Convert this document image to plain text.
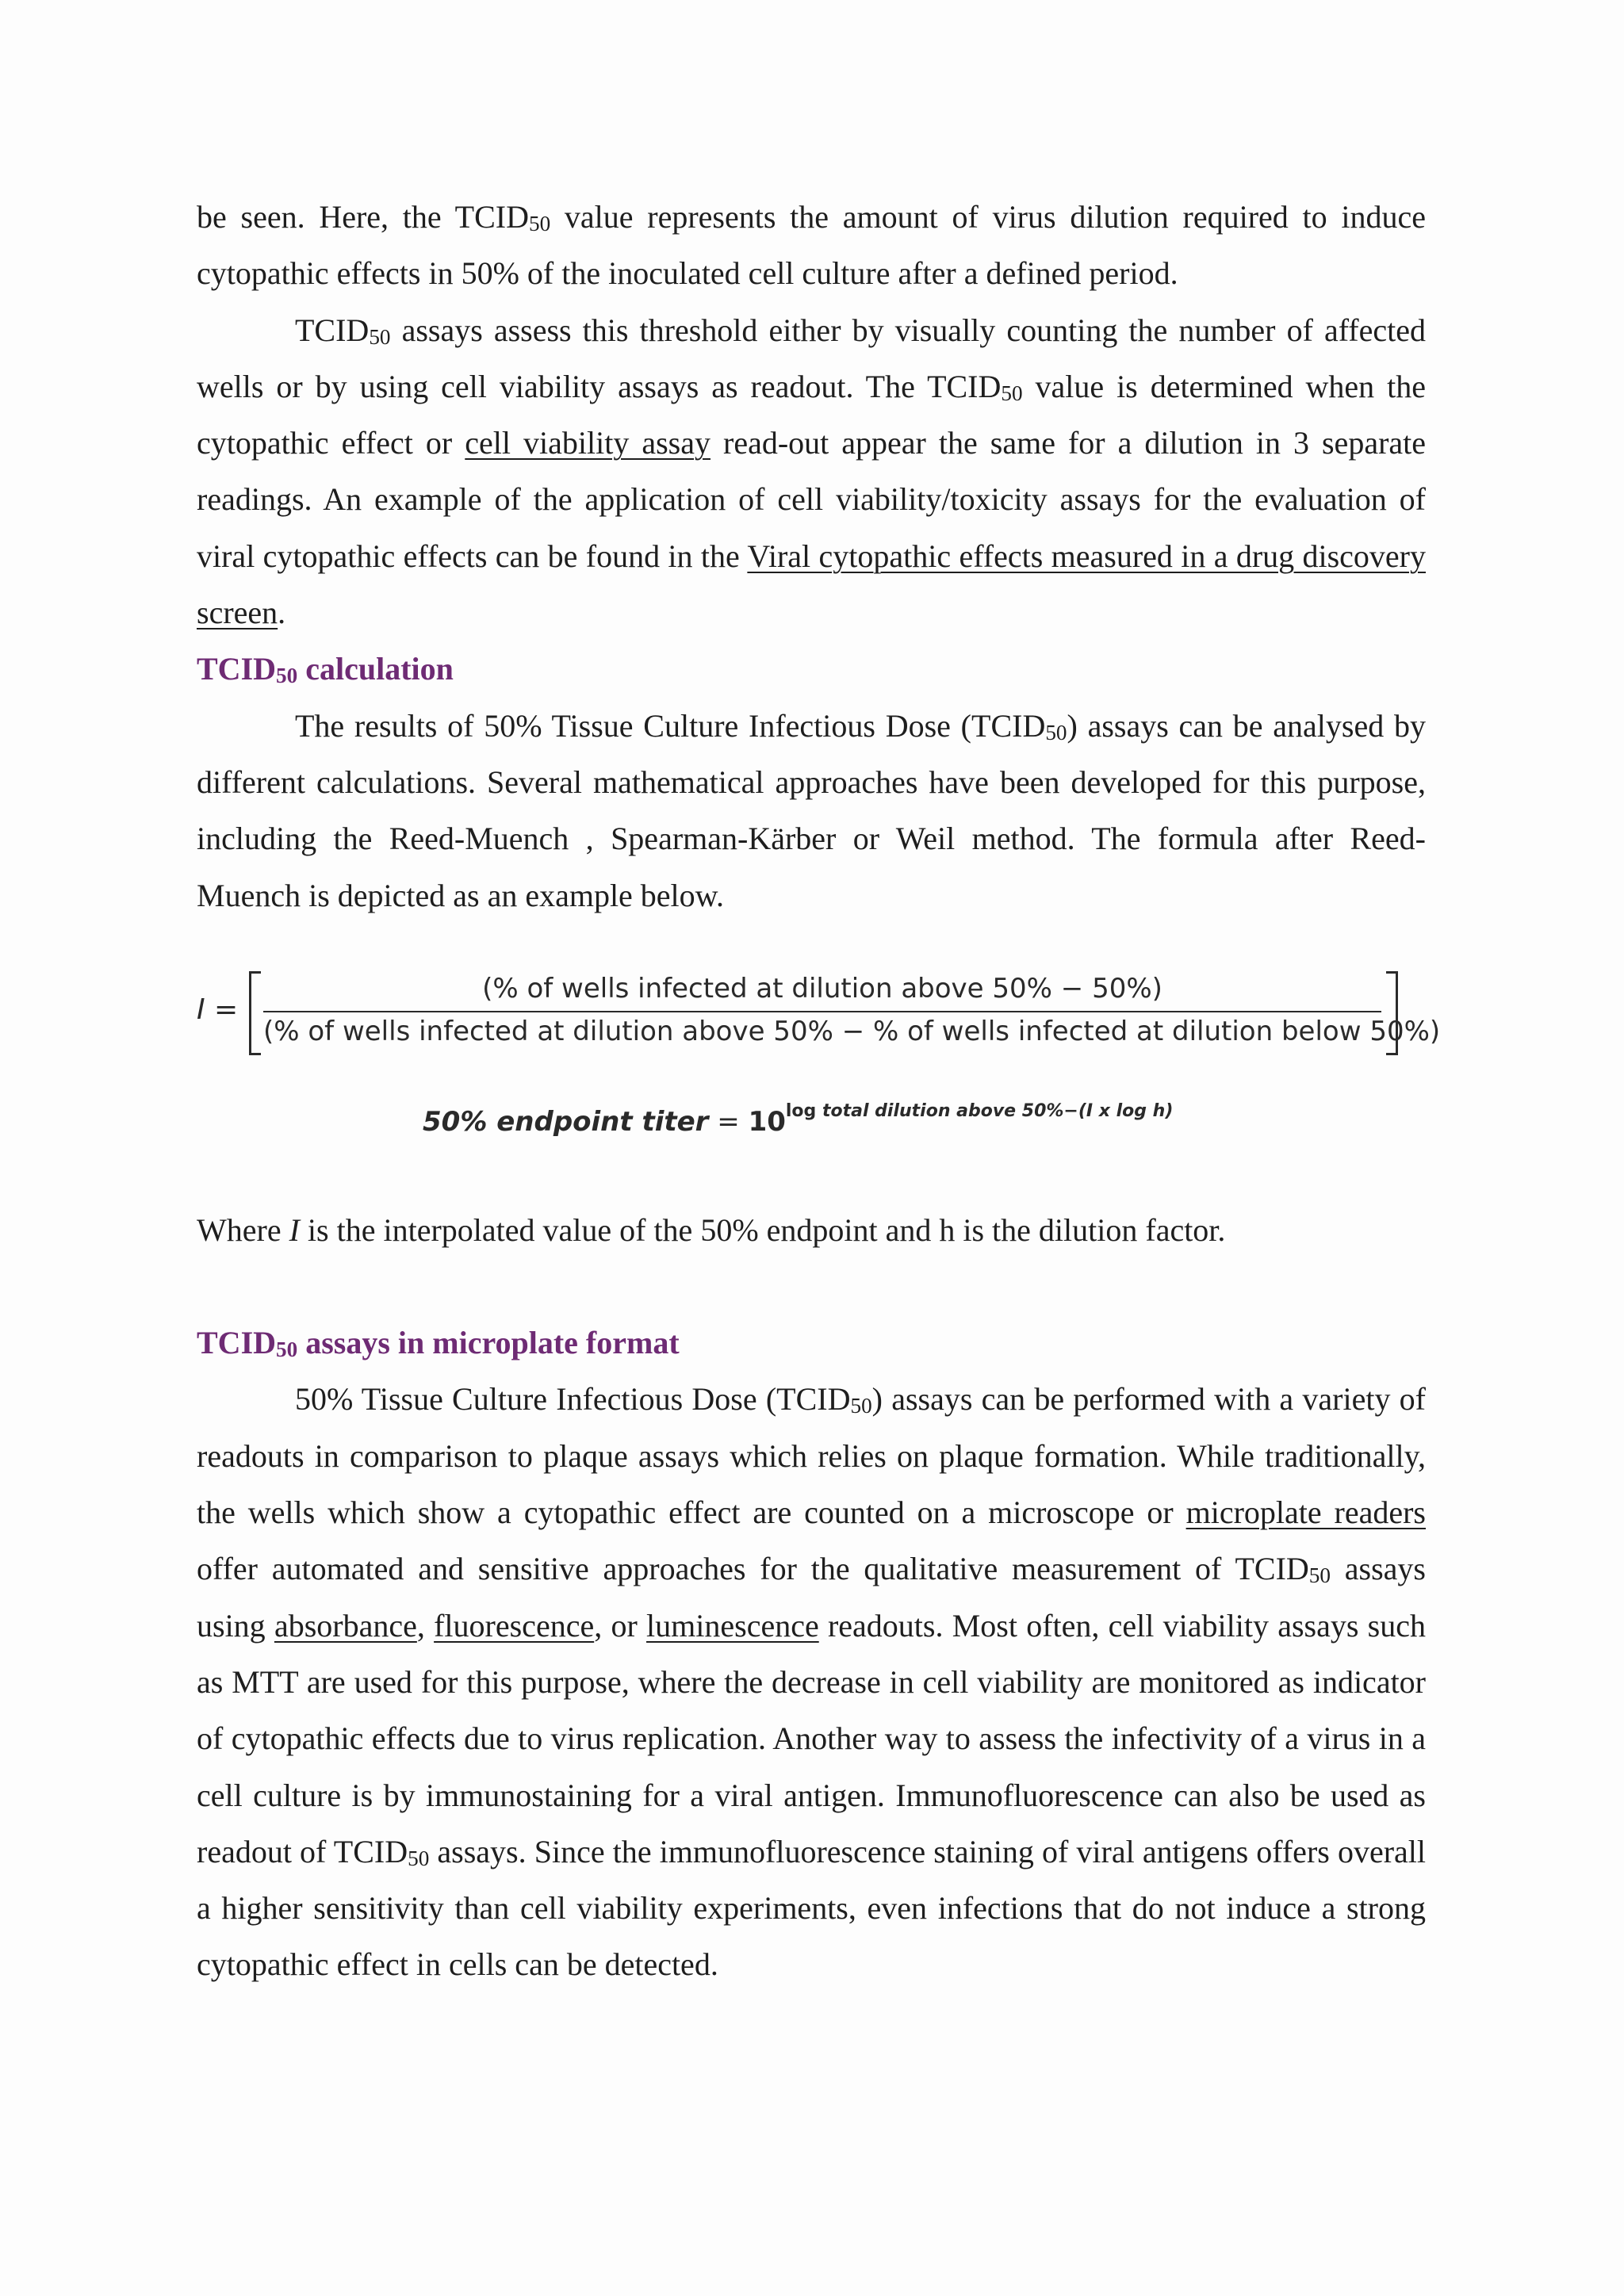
be seen. Here, the $TCID_{50}$ value represents the amount of virus dilution required to induce cytopathic effects in 50% of the inoculated cell culture after a defined period.

$TCID_{50}$ assays assess this threshold either by visually counting the number of affected wells or by using cell viability assays as readout. The $TCID_{50}$ value is determined when the cytopathic effect or cell viability assay read-out appear the same for a dilution in 3 separate readings. An example of the application of cell viability/toxicity assays for the evaluation of viral cytopathic effects can be found in the Viral cytopathic effects measured in a drug discovery screen.

$TCID_{50}$ calculation

The results of 50% Tissue Culture Infectious Dose $(TCID_{50})$ assays can be analysed by different calculations. Several mathematical approaches have been developed for this purpose, including the Reed-Muench , Spearman-Kärber or Weil method. The formula after Reed-Muench is depicted as an example below.

I =
(% of wells infected at dilution above 50% − 50%)
(% of wells infected at dilution above 50% − % of wells infected at dilution below 50%)
50% endpoint titer = $10^{log total dilution above 50\%-(I x log h)}$

Where I is the interpolated value of the 50% endpoint and h is the dilution factor.

$TCID_{50}$ assays in microplate format

50% Tissue Culture Infectious Dose $(TCID_{50})$ assays can be performed with a variety of readouts in comparison to plaque assays which relies on plaque formation. While traditionally, the wells which show a cytopathic effect are counted on a microscope or microplate readers offer automated and sensitive approaches for the qualitative measurement of $TCID_{50}$ assays using absorbance, fluorescence, or luminescence readouts. Most often, cell viability assays such as MTT are used for this purpose, where the decrease in cell viability are monitored as indicator of cytopathic effects due to virus replication. Another way to assess the infectivity of a virus in a cell culture is by immunostaining for a viral antigen. Immunofluorescence can also be used as readout of $TCID_{50}$ assays. Since the immunofluorescence staining of viral antigens offers overall a higher sensitivity than cell viability experiments, even infections that do not induce a strong cytopathic effect in cells can be detected.
